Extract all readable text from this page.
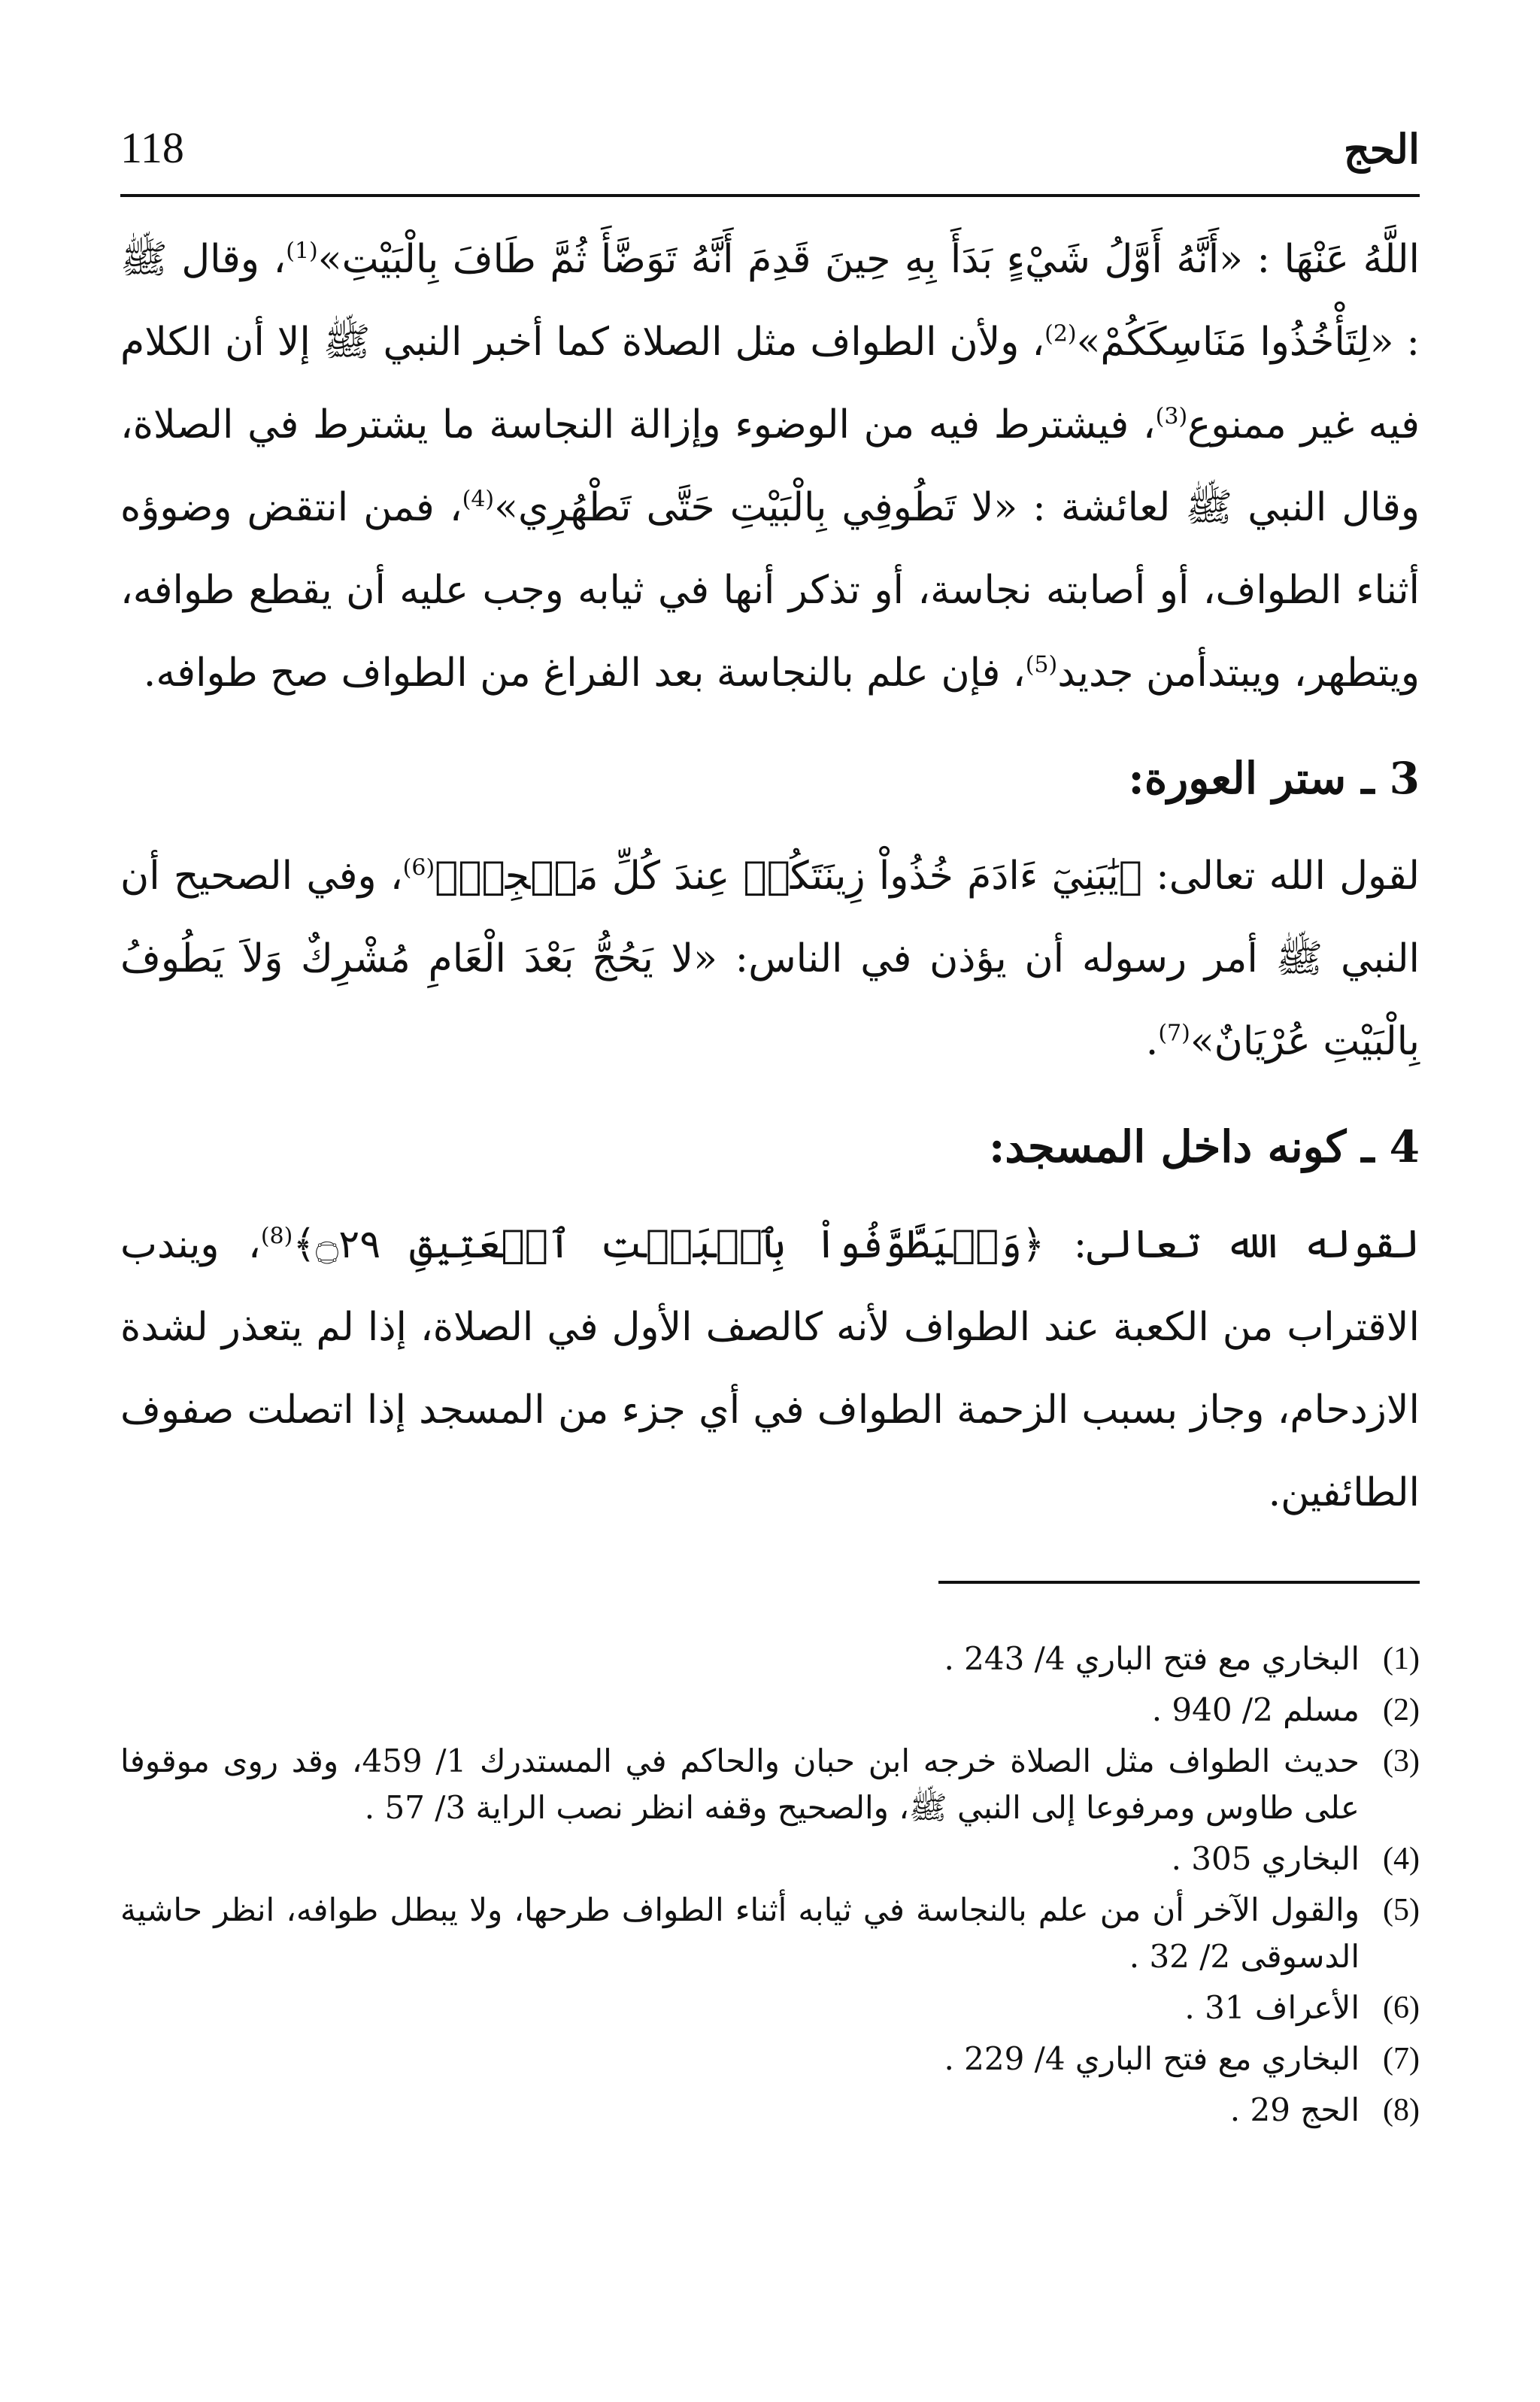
الحج
118

اللَّهُ عَنْهَا : «أَنَّهُ أَوَّلُ شَيْءٍ بَدَأَ بِهِ حِينَ قَدِمَ أَنَّهُ تَوَضَّأَ ثُمَّ طَافَ بِالْبَيْتِ»$^{(1)}$، وقال ﷺ : «لِتَأْخُذُوا مَنَاسِكَكُمْ»$^{(2)}$، ولأن الطواف مثل الصلاة كما أخبر النبي ﷺ إلا أن الكلام فيه غير ممنوع$^{(3)}$، فيشترط فيه من الوضوء وإزالة النجاسة ما يشترط في الصلاة، وقال النبي ﷺ لعائشة : «لا تَطُوفِي بِالْبَيْتِ حَتَّى تَطْهُرِي»$^{(4)}$، فمن انتقض وضوؤه أثناء الطواف، أو أصابته نجاسة، أو تذكر أنها في ثيابه وجب عليه أن يقطع طوافه، ويتطهر، ويبتدأمن جديد$^{(5)}$، فإن علم بالنجاسة بعد الفراغ من الطواف صح طوافه.

3 ـ ستر العورة:

لقول الله تعالى: ﴿يَٰبَنِيٓ ءَادَمَ خُذُواْ زِينَتَكُمۡ عِندَ كُلِّ مَسۡجِدٖ﴾$^{(6)}$، وفي الصحيح أن النبي ﷺ أمر رسوله أن يؤذن في الناس: «لا يَحُجُّ بَعْدَ الْعَامِ مُشْرِكٌ وَلاَ يَطُوفُ بِالْبَيْتِ عُرْيَانٌ»$^{(7)}$.

4 ـ كونه داخل المسجد:

لقوله الله تعالى: ﴿وَلۡيَطَّوَّفُواْ بِٱلۡبَيۡتِ ٱلۡعَتِيقِ ۝٢٩﴾$^{(8)}$، ويندب الاقتراب من الكعبة عند الطواف لأنه كالصف الأول في الصلاة، إذا لم يتعذر لشدة الازدحام، وجاز بسبب الزحمة الطواف في أي جزء من المسجد إذا اتصلت صفوف الطائفين.

(1)
البخاري مع فتح الباري 4/ 243 .
(2)
مسلم 2/ 940 .
(3)
حديث الطواف مثل الصلاة خرجه ابن حبان والحاكم في المستدرك 1/ 459، وقد روى موقوفا على طاوس ومرفوعا إلى النبي ﷺ، والصحيح وقفه انظر نصب الراية 3/ 57 .
(4)
البخاري 305 .
(5)
والقول الآخر أن من علم بالنجاسة في ثيابه أثناء الطواف طرحها، ولا يبطل طوافه، انظر حاشية الدسوقى 2/ 32 .
(6)
الأعراف 31 .
(7)
البخاري مع فتح الباري 4/ 229 .
(8)
الحج 29 .
